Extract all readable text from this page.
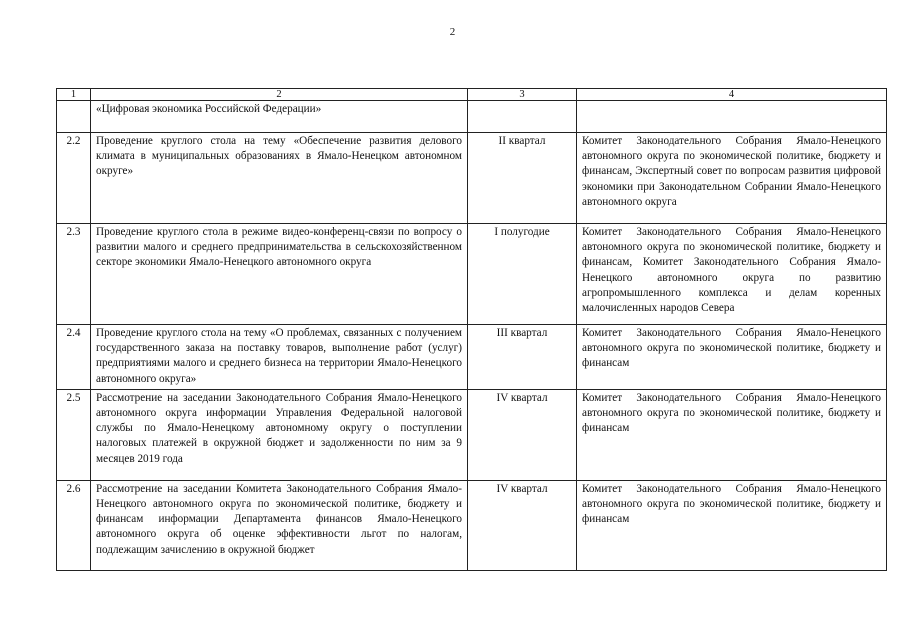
2
1	2	3	4
	«Цифровая экономика Российской Федерации»		
2.2	Проведение круглого стола на тему «Обеспечение развития делового климата в муниципальных образованиях в Ямало-Ненецком автономном округе»	II квартал	Комитет Законодательного Собрания Ямало-Ненецкого автономного округа по экономической политике, бюджету и финансам, Экспертный совет по вопросам развития цифровой экономики при Законодательном Собрании Ямало-Ненецкого автономного округа
2.3	Проведение круглого стола в режиме видео-конференц-связи по вопросу о развитии малого и среднего предпринимательства в сельскохозяйственном секторе экономики Ямало-Ненецкого автономного округа	I полугодие	Комитет Законодательного Собрания Ямало-Ненецкого автономного округа по экономической политике, бюджету и финансам, Комитет Законодательного Собрания Ямало-Ненецкого автономного округа по развитию агропромышленного комплекса и делам коренных малочисленных народов Севера
2.4	Проведение круглого стола на тему «О проблемах, связанных с получением государственного заказа на поставку товаров, выполнение работ (услуг) предприятиями малого и среднего бизнеса на территории Ямало-Ненецкого автономного округа»	III квартал	Комитет Законодательного Собрания Ямало-Ненецкого автономного округа по экономической политике, бюджету и финансам
2.5	Рассмотрение на заседании Законодательного Собрания Ямало-Ненецкого автономного округа информации Управления Федеральной налоговой службы по Ямало-Ненецкому автономному округу о поступлении налоговых платежей в окружной бюджет и задолженности по ним за 9 месяцев 2019 года	IV квартал	Комитет Законодательного Собрания Ямало-Ненецкого автономного округа по экономической политике, бюджету и финансам
2.6	Рассмотрение на заседании Комитета Законодательного Собрания Ямало-Ненецкого автономного округа по экономической политике, бюджету и финансам информации Департамента финансов Ямало-Ненецкого автономного округа об оценке эффективности льгот по налогам, подлежащим зачислению в окружной бюджет	IV квартал	Комитет Законодательного Собрания Ямало-Ненецкого автономного округа по экономической политике, бюджету и финансам
